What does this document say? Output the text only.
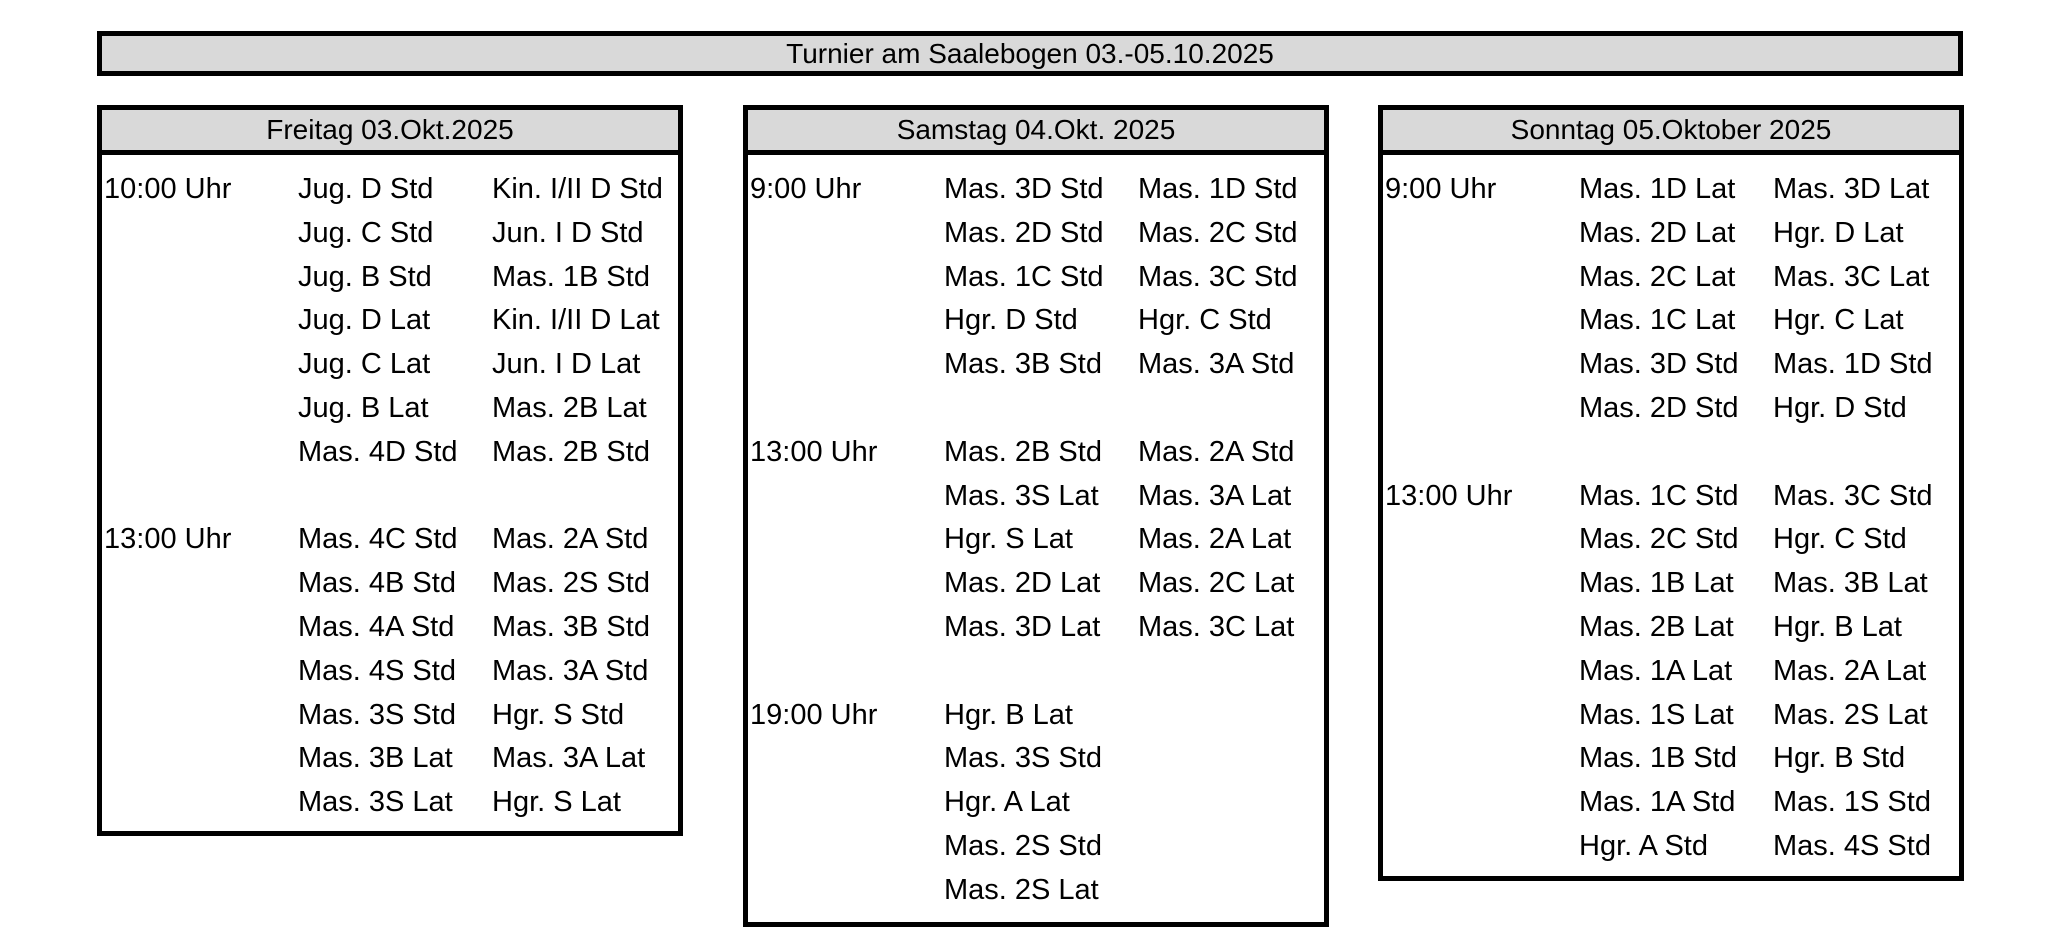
Turnier am Saalebogen 03.-05.10.2025
Freitag 03.Okt.2025
10:00 Uhr Jug. D Std Kin. I/II D Std
Jug. C Std Jun. I D Std
Jug. B Std Mas. 1B Std
Jug. D Lat Kin. I/II D Lat
Jug. C Lat Jun. I D Lat
Jug. B Lat Mas. 2B Lat
Mas. 4D Std Mas. 2B Std
13:00 Uhr Mas. 4C Std Mas. 2A Std
Mas. 4B Std Mas. 2S Std
Mas. 4A Std Mas. 3B Std
Mas. 4S Std Mas. 3A Std
Mas. 3S Std Hgr. S Std
Mas. 3B Lat Mas. 3A Lat
Mas. 3S Lat Hgr. S Lat
Samstag 04.Okt. 2025
9:00 Uhr	Mas. 3D Std Mas. 1D Std
Mas. 2D Std Mas. 2C Std
Mas. 1C Std Mas. 3C Std
Hgr. D Std Hgr. C Std
Mas. 3B Std Mas. 3A Std
13:00 Uhr Mas. 2B Std Mas. 2A Std
Mas. 3S Lat Mas. 3A Lat
Hgr. S Lat Mas. 2A Lat
Mas. 2D Lat Mas. 2C Lat
Mas. 3D Lat Mas. 3C Lat
19:00 Uhr Hgr. B Lat
Mas. 3S Std
Hgr. A Lat
Mas. 2S Std
Mas. 2S Lat
Sonntag 05.Oktober 2025
9:00 Uhr	Mas. 1D Lat Mas. 3D Lat
Mas. 2D Lat Hgr. D Lat
Mas. 2C Lat Mas. 3C Lat
Mas. 1C Lat Hgr. C Lat
Mas. 3D Std Mas. 1D Std
Mas. 2D Std Hgr. D Std
13:00 Uhr Mas. 1C Std Mas. 3C Std
Mas. 2C Std Hgr. C Std
Mas. 1B Lat Mas. 3B Lat
Mas. 2B Lat Hgr. B Lat
Mas. 1A Lat Mas. 2A Lat
Mas. 1S Lat Mas. 2S Lat
Mas. 1B Std Hgr. B Std
Mas. 1A Std Mas. 1S Std
Hgr. A Std Mas. 4S Std
